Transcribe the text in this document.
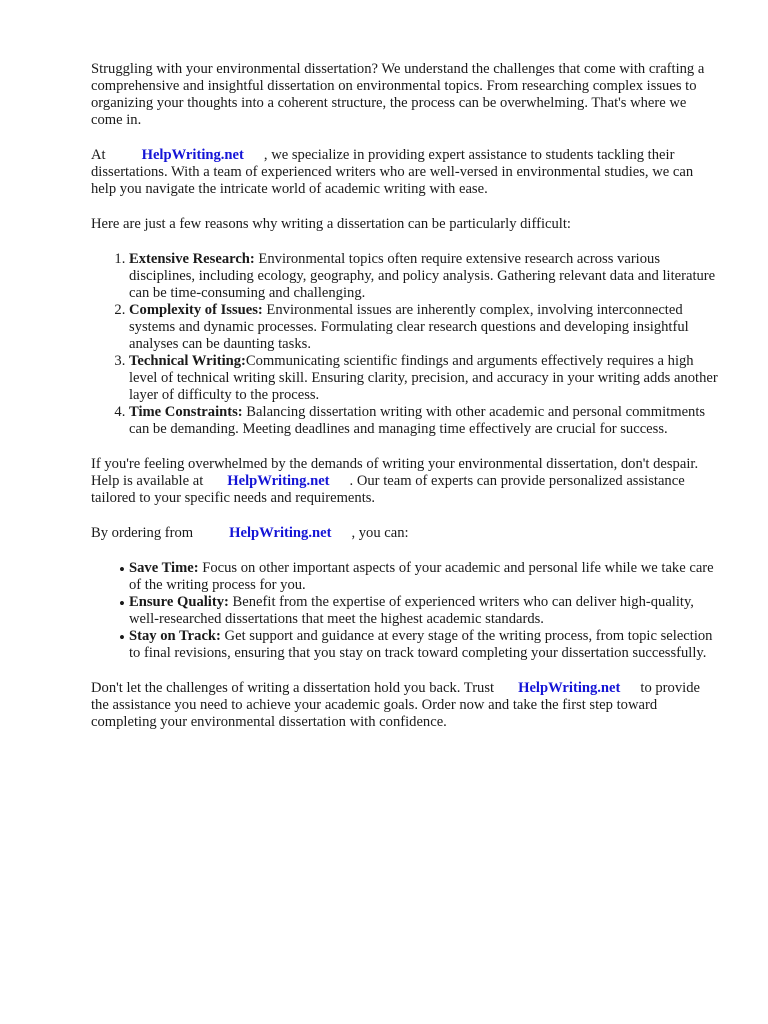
Struggling with your environmental dissertation? We understand the challenges that come with crafting a comprehensive and insightful dissertation on environmental topics. From researching complex issues to organizing your thoughts into a coherent structure, the process can be overwhelming. That's where we come in.

At HelpWriting.net , we specialize in providing expert assistance to students tackling their dissertations. With a team of experienced writers who are well-versed in environmental studies, we can help you navigate the intricate world of academic writing with ease.

Here are just a few reasons why writing a dissertation can be particularly difficult:

1. Extensive Research: Environmental topics often require extensive research across various disciplines, including ecology, geography, and policy analysis. Gathering relevant data and literature can be time-consuming and challenging.
2. Complexity of Issues: Environmental issues are inherently complex, involving interconnected systems and dynamic processes. Formulating clear research questions and developing insightful analyses can be daunting tasks.
3. Technical Writing:Communicating scientific findings and arguments effectively requires a high level of technical writing skill. Ensuring clarity, precision, and accuracy in your writing adds another layer of difficulty to the process.
4. Time Constraints: Balancing dissertation writing with other academic and personal commitments can be demanding. Meeting deadlines and managing time effectively are crucial for success.

If you're feeling overwhelmed by the demands of writing your environmental dissertation, don't despair. Help is available at HelpWriting.net . Our team of experts can provide personalized assistance tailored to your specific needs and requirements.

By ordering from HelpWriting.net , you can:

• Save Time: Focus on other important aspects of your academic and personal life while we take care of the writing process for you.
• Ensure Quality: Benefit from the expertise of experienced writers who can deliver high-quality, well-researched dissertations that meet the highest academic standards.
• Stay on Track: Get support and guidance at every stage of the writing process, from topic selection to final revisions, ensuring that you stay on track toward completing your dissertation successfully.

Don't let the challenges of writing a dissertation hold you back. Trust HelpWriting.net to provide the assistance you need to achieve your academic goals. Order now and take the first step toward completing your environmental dissertation with confidence.
